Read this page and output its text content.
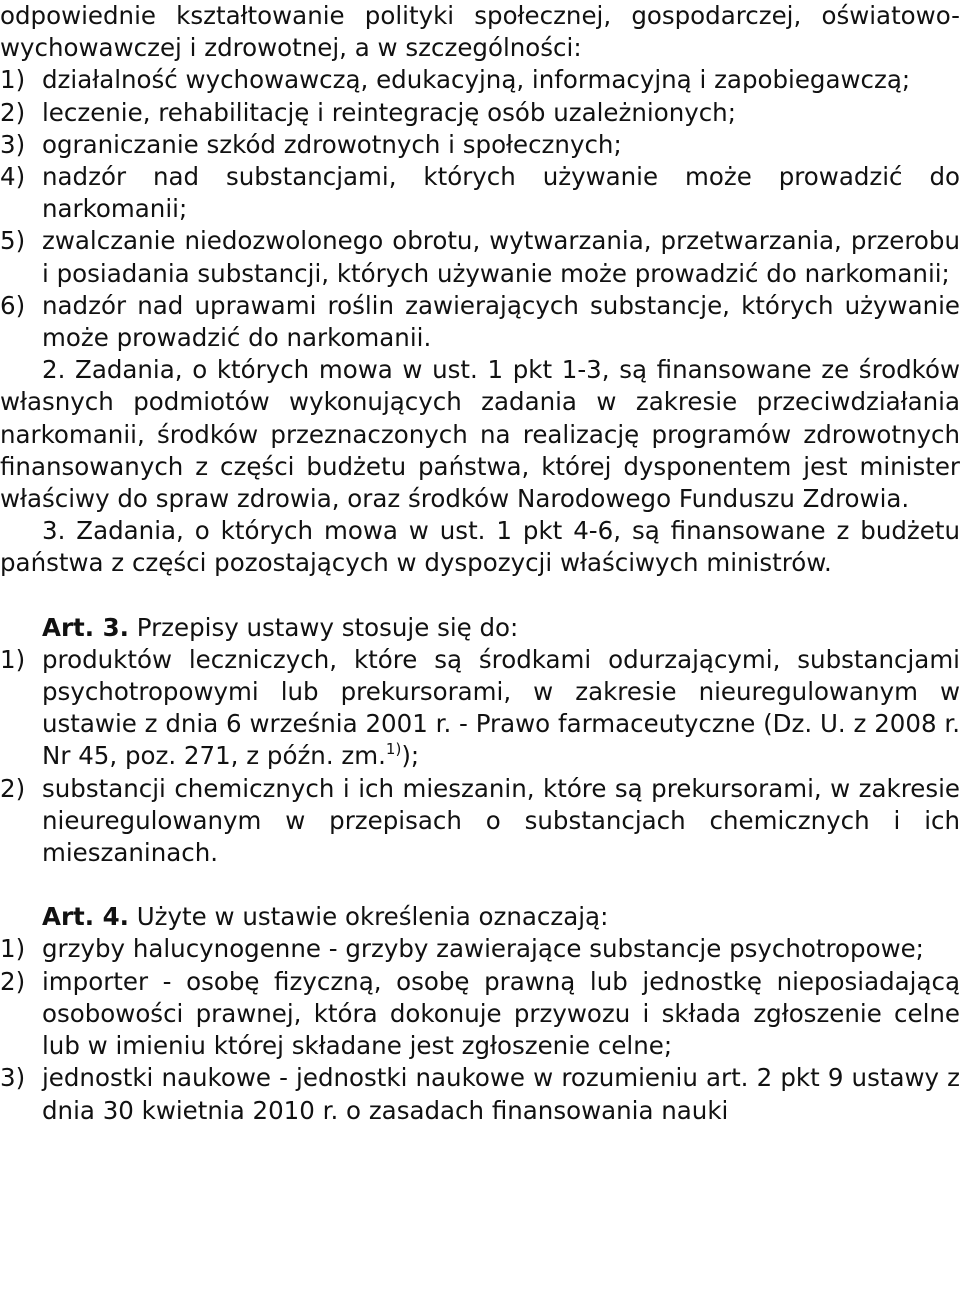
odpowiednie kształtowanie polityki społecznej, gospodarczej, oświatowo-wychowawczej i zdrowotnej, a w szczególności:

1) działalność wychowawczą, edukacyjną, informacyjną i zapobiegawczą;
2) leczenie, rehabilitację i reintegrację osób uzależnionych;
3) ograniczanie szkód zdrowotnych i społecznych;
4) nadzór nad substancjami, których używanie może prowadzić do narkomanii;
5) zwalczanie niedozwolonego obrotu, wytwarzania, przetwarzania, przerobu i posiadania substancji, których używanie może prowadzić do narkomanii;
6) nadzór nad uprawami roślin zawierających substancje, których używanie może prowadzić do narkomanii.

2. Zadania, o których mowa w ust. 1 pkt 1-3, są finansowane ze środków własnych podmiotów wykonujących zadania w zakresie przeciwdziałania narkomanii, środków przeznaczonych na realizację programów zdrowotnych finansowanych z części budżetu państwa, której dysponentem jest minister właściwy do spraw zdrowia, oraz środków Narodowego Funduszu Zdrowia.

3. Zadania, o których mowa w ust. 1 pkt 4-6, są finansowane z budżetu państwa z części pozostających w dyspozycji właściwych ministrów.

Art. 3. Przepisy ustawy stosuje się do:

1) produktów leczniczych, które są środkami odurzającymi, substancjami psychotropowymi lub prekursorami, w zakresie nieuregulowanym w ustawie z dnia 6 września 2001 r. - Prawo farmaceutyczne (Dz. U. z 2008 r. Nr 45, poz. 271, z późn. zm.$^{1)}$);
2) substancji chemicznych i ich mieszanin, które są prekursorami, w zakresie nieuregulowanym w przepisach o substancjach chemicznych i ich mieszaninach.

Art. 4. Użyte w ustawie określenia oznaczają:

1) grzyby halucynogenne - grzyby zawierające substancje psychotropowe;
2) importer - osobę fizyczną, osobę prawną lub jednostkę nieposiadającą osobowości prawnej, która dokonuje przywozu i składa zgłoszenie celne lub w imieniu której składane jest zgłoszenie celne;
3) jednostki naukowe - jednostki naukowe w rozumieniu art. 2 pkt 9 ustawy z dnia 30 kwietnia 2010 r. o zasadach finansowania nauki
